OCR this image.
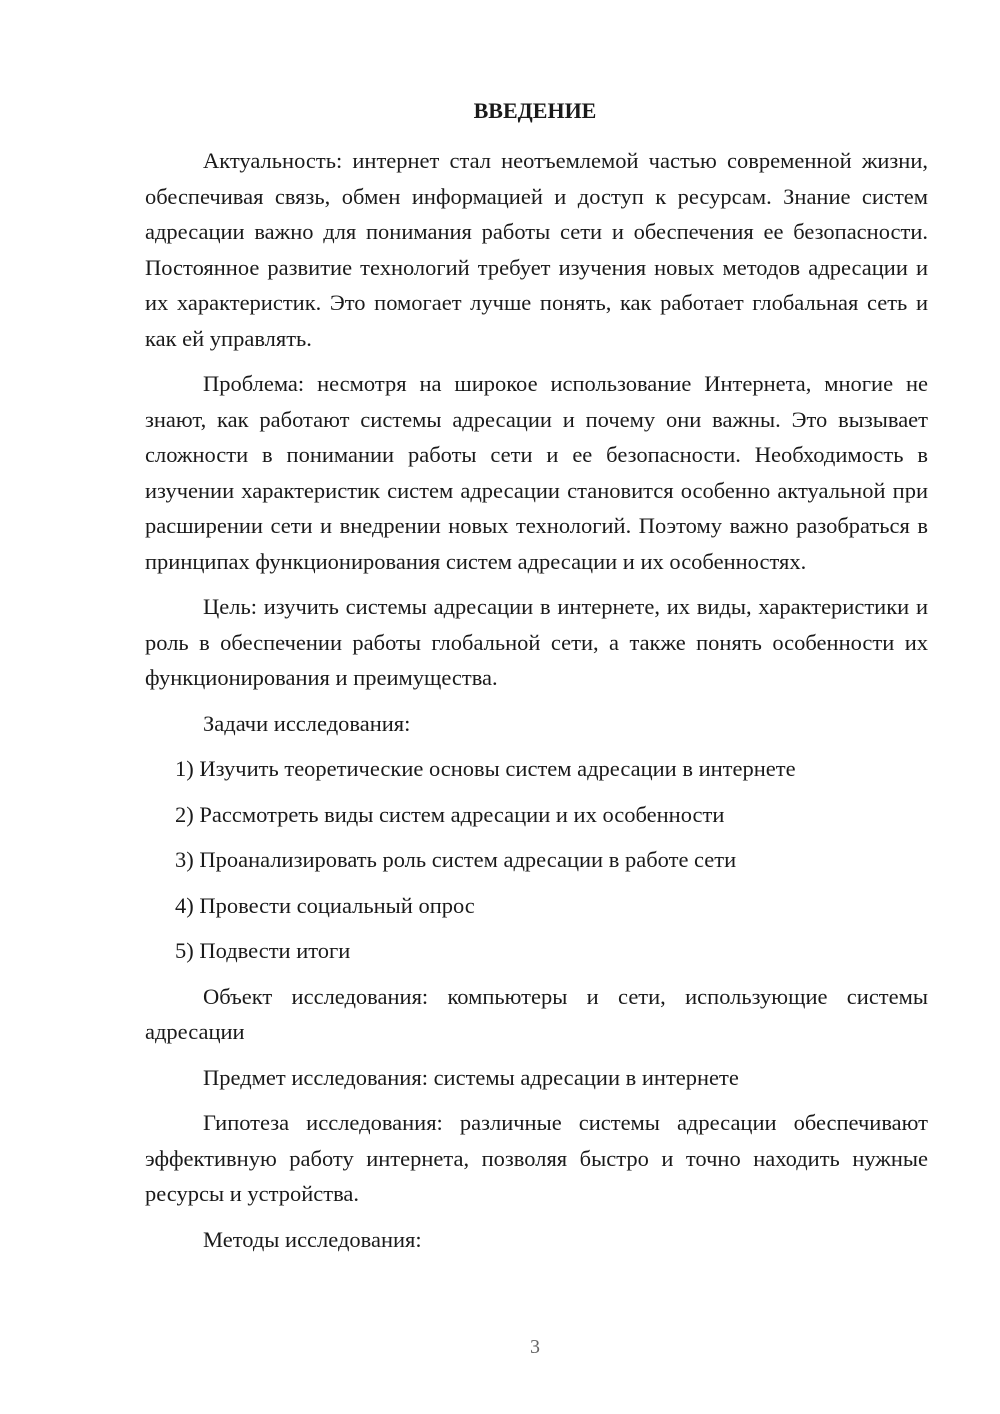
ВВЕДЕНИЕ

Актуальность: интернет стал неотъемлемой частью современной жизни, обеспечивая связь, обмен информацией и доступ к ресурсам. Знание систем адресации важно для понимания работы сети и обеспечения ее безопасности. Постоянное развитие технологий требует изучения новых методов адресации и их характеристик. Это помогает лучше понять, как работает глобальная сеть и как ей управлять.

Проблема: несмотря на широкое использование Интернета, многие не знают, как работают системы адресации и почему они важны. Это вызывает сложности в понимании работы сети и ее безопасности. Необходимость в изучении характеристик систем адресации становится особенно актуальной при расширении сети и внедрении новых технологий. Поэтому важно разобраться в принципах функционирования систем адресации и их особенностях.

Цель: изучить системы адресации в интернете, их виды, характеристики и роль в обеспечении работы глобальной сети, а также понять особенности их функционирования и преимущества.

Задачи исследования:

1) Изучить теоретические основы систем адресации в интернете
2) Рассмотреть виды систем адресации и их особенности
3) Проанализировать роль систем адресации в работе сети
4) Провести социальный опрос
5) Подвести итоги

Объект исследования: компьютеры и сети, использующие системы адресации

Предмет исследования: системы адресации в интернете

Гипотеза исследования: различные системы адресации обеспечивают эффективную работу интернета, позволяя быстро и точно находить нужные ресурсы и устройства.

Методы исследования:

3
